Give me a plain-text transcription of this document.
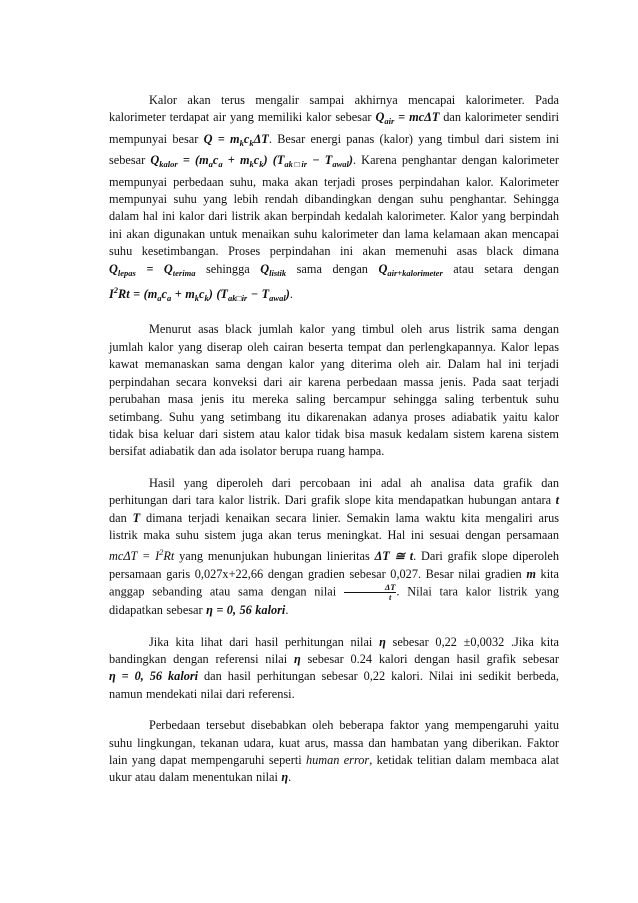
Kalor akan terus mengalir sampai akhirnya mencapai kalorimeter. Pada kalorimeter terdapat air yang memiliki kalor sebesar $Q_{air} = mc\Delta T$ dan kalorimeter sendiri mempunyai besar $Q = m_kc_k\Delta T$. Besar energi panas (kalor) yang timbul dari sistem ini sebesar $Q_{kalor} = (m_ac_a + m_kc_k) (T_{ak□ir} - T_{awal})$. Karena penghantar dengan kalorimeter mempunyai perbedaan suhu, maka akan terjadi proses perpindahan kalor. Kalorimeter mempunyai suhu yang lebih rendah dibandingkan dengan suhu penghantar. Sehingga dalam hal ini kalor dari listrik akan berpindah kedalah kalorimeter. Kalor yang berpindah ini akan digunakan untuk menaikan suhu kalorimeter dan lama kelamaan akan mencapai suhu kesetimbangan. Proses perpindahan ini akan memenuhi asas black dimana $Q_{lepas} = Q_{terima}$ sehingga $Q_{listik}$ sama dengan $Q_{air+kalorimeter}$ atau setara dengan $I^2Rt = (m_ac_a + m_kc_k) (T_{ak□ir} - T_{awal})$.

Menurut asas black jumlah kalor yang timbul oleh arus listrik sama dengan jumlah kalor yang diserap oleh cairan beserta tempat dan perlengkapannya. Kalor lepas kawat memanaskan sama dengan kalor yang diterima oleh air. Dalam hal ini terjadi perpindahan secara konveksi dari air karena perbedaan massa jenis. Pada saat terjadi perubahan masa jenis itu mereka saling bercampur sehingga saling terbentuk suhu setimbang. Suhu yang setimbang itu dikarenakan adanya proses adiabatik yaitu kalor tidak bisa keluar dari sistem atau kalor tidak bisa masuk kedalam sistem karena sistem bersifat adiabatik dan ada isolator berupa ruang hampa.

Hasil yang diperoleh dari percobaan ini adal ah analisa data grafik dan perhitungan dari tara kalor listrik. Dari grafik slope kita mendapatkan hubungan antara t dan T dimana terjadi kenaikan secara linier. Semakin lama waktu kita mengaliri arus listrik maka suhu sistem juga akan terus meningkat. Hal ini sesuai dengan persamaan $mc\Delta T = I^2Rt$ yang menunjukan hubungan linieritas ΔT ≅ t. Dari grafik slope diperoleh persamaan garis 0,027x+22,66 dengan gradien sebesar 0,027. Besar nilai gradien m kita anggap sebanding atau sama dengan nilai $\frac{\Delta T}{t}$ . Nilai tara kalor listrik yang didapatkan sebesar η = 0, 56 kalori.

Jika kita lihat dari hasil perhitungan nilai η sebesar 0,22 ±0,0032 .Jika kita bandingkan dengan referensi nilai η sebesar 0.24 kalori dengan hasil grafik sebesar η = 0, 56 kalori dan hasil perhitungan sebesar 0,22 kalori. Nilai ini sedikit berbeda, namun mendekati nilai dari referensi.

Perbedaan tersebut disebabkan oleh beberapa faktor yang mempengaruhi yaitu suhu lingkungan, tekanan udara, kuat arus, massa dan hambatan yang diberikan. Faktor lain yang dapat mempengaruhi seperti human error, ketidak telitian dalam membaca alat ukur atau dalam menentukan nilai η.
